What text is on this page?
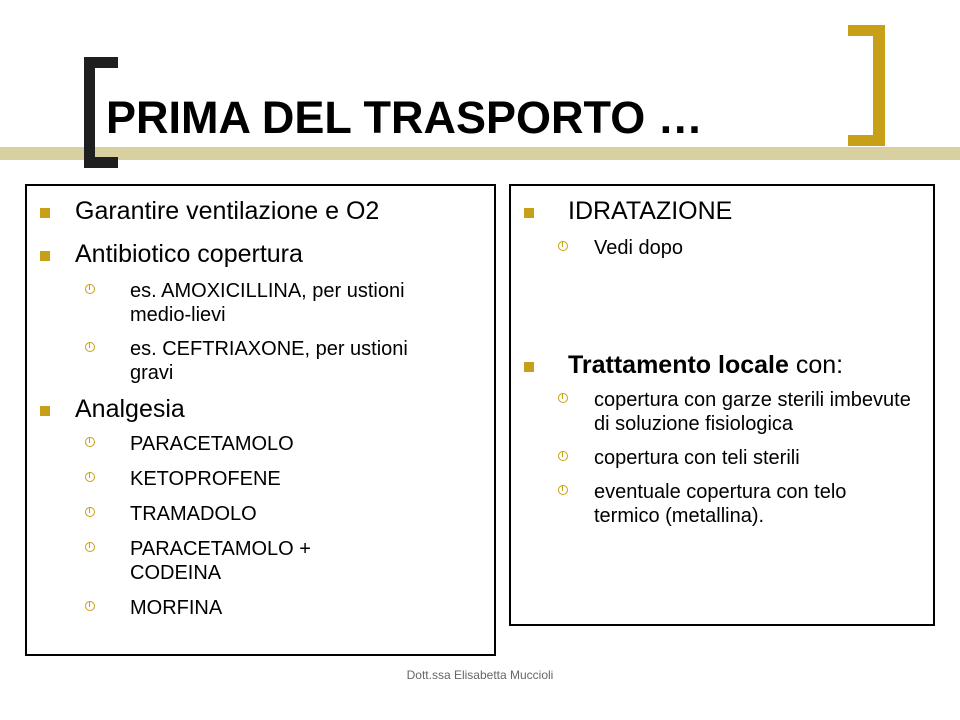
PRIMA DEL TRASPORTO …
Garantire ventilazione e O2
Antibiotico copertura
es. AMOXICILLINA, per ustioni medio-lievi
es. CEFTRIAXONE, per ustioni gravi
Analgesia
PARACETAMOLO
KETOPROFENE
TRAMADOLO
PARACETAMOLO + CODEINA
MORFINA
IDRATAZIONE
Vedi dopo
Trattamento locale con:
copertura con garze sterili imbevute di soluzione fisiologica
copertura con teli sterili
eventuale copertura con telo termico (metallina).
Dott.ssa Elisabetta Muccioli
